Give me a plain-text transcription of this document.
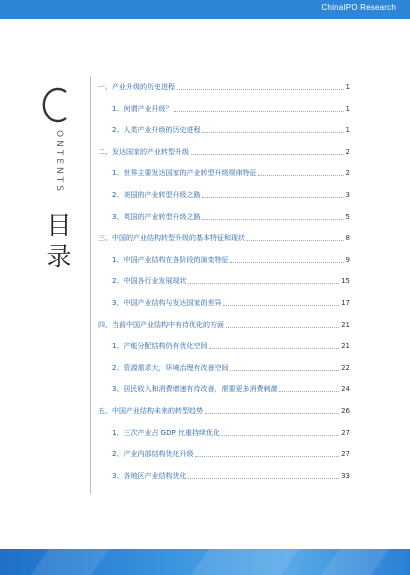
ChinaIPO Research
ONTENTS
目
录
一、产业升级的历史进程	1
1、何谓产业升级？	1
2、人类产业升级的历史进程	1
二、发达国家的产业转型升级	2
1、世界主要发达国家的产业转型升级规律特征	2
2、美国的产业转型升级之路	3
3、英国的产业转型升级之路	5
三、中国的产业结构转型升级的基本特征和现状	8
1、中国产业结构在各阶段的演变特征	9
2、中国各行业发展现状	15
3、中国产业结构与发达国家的差异	17
四、当前中国产业结构中有待优化的方面	21
1、产能分配结构仍有优化空间	21
2、资源需求大，环境治理有改善空间	22
3、居民收入和消费增速有待改善，需要更多消费刺激	24
五、中国产业结构未来的转型趋势	26
1、三次产业占 GDP 比重持续优化	27
2、产业内部结构优化升级	27
3、各地区产业结构优化	33
